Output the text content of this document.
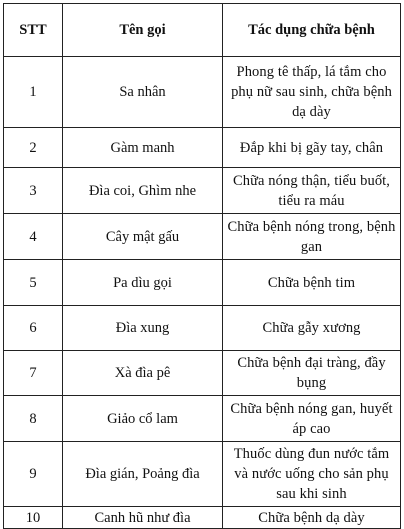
STT	Tên gọi	Tác dụng chữa bệnh
1	Sa nhân	Phong tê thấp, lá tắm cho phụ nữ sau sinh, chữa bệnh dạ dày
2	Gàm manh	Đắp khi bị gãy tay, chân
3	Đìa coi, Ghìm nhe	Chữa nóng thận, tiểu buốt, tiểu ra máu
4	Cây mật gấu	Chữa bệnh nóng trong, bệnh gan
5	Pa dìu gọi	Chữa bệnh tim
6	Đìa xung	Chữa gẫy xương
7	Xà đìa pê	Chữa bệnh đại tràng, đầy bụng
8	Giảo cổ lam	Chữa bệnh nóng gan, huyết áp cao
9	Đìa gián, Poảng đìa	Thuốc dùng đun nước tắm và nước uống cho sản phụ sau khi sinh
10	Canh hũ như đìa	Chữa bệnh dạ dày
